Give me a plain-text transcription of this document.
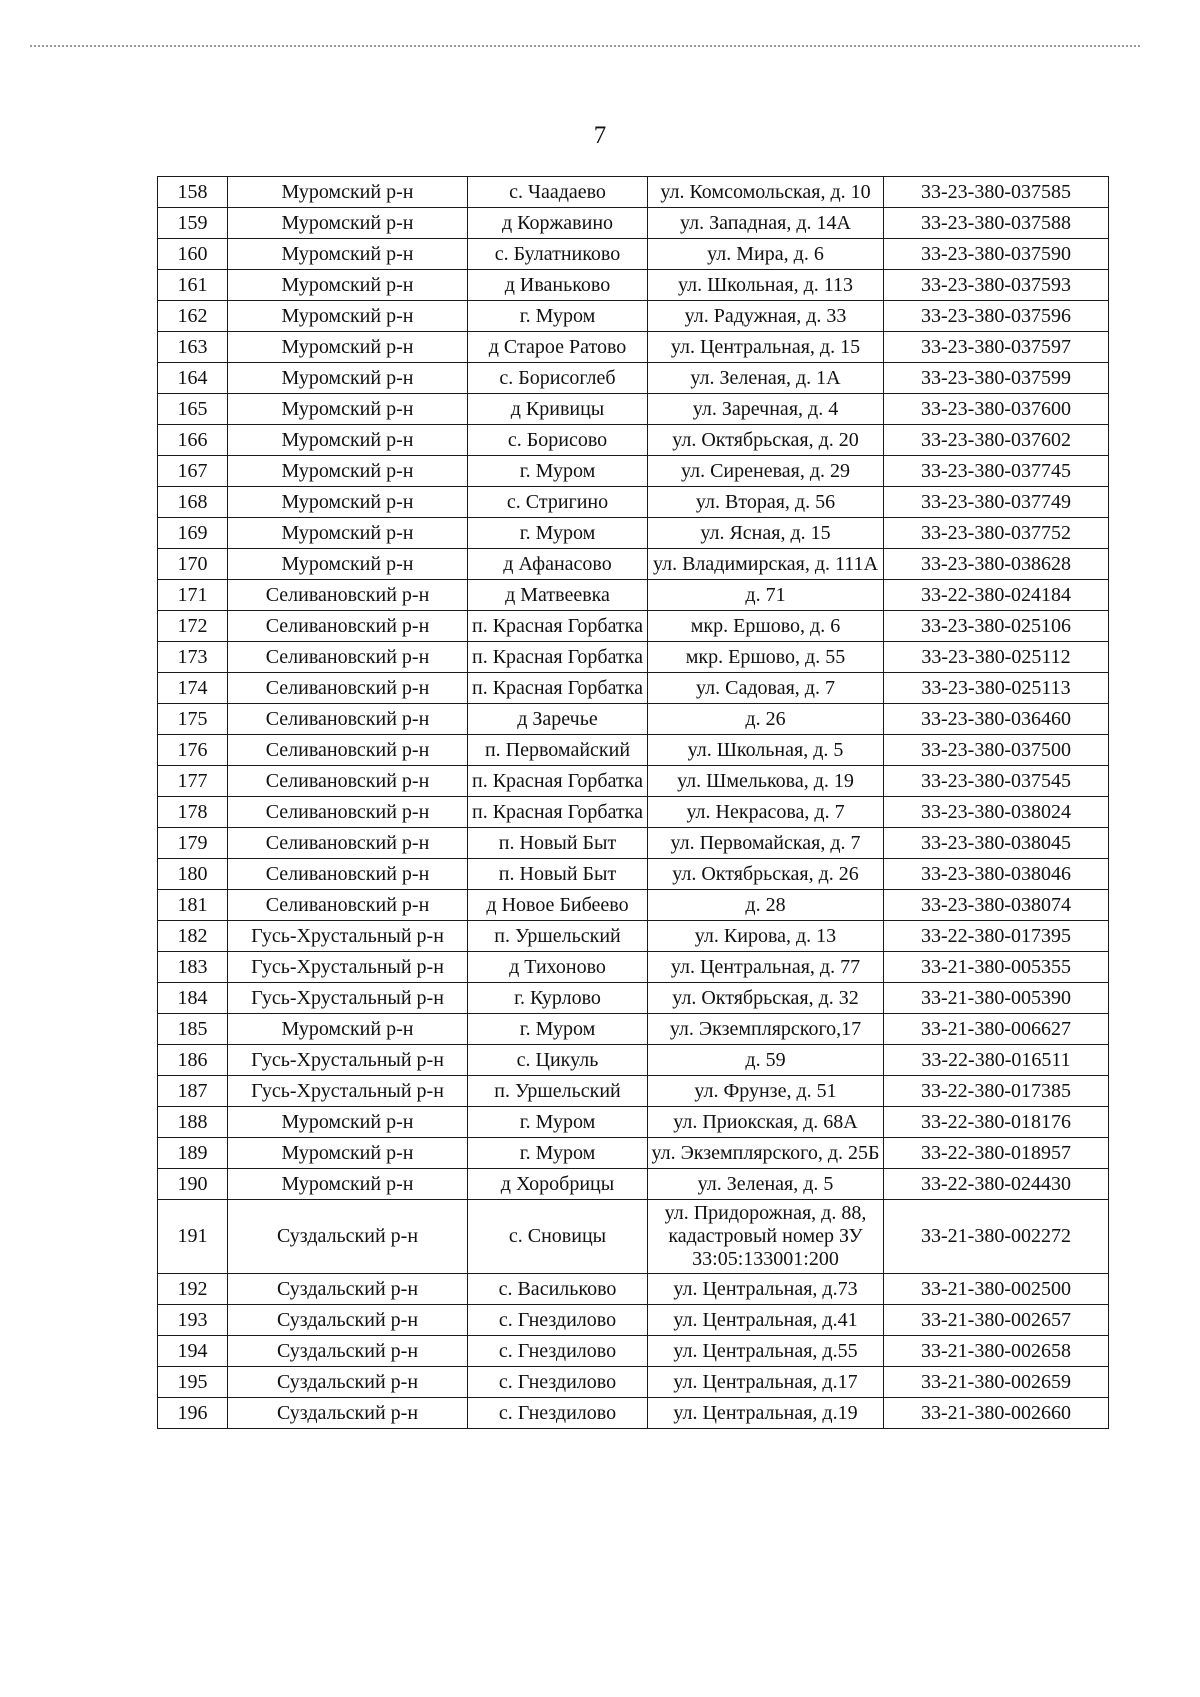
7
158	Муромский р-н	с. Чаадаево	ул. Комсомольская, д. 10	33-23-380-037585
159	Муромский р-н	д Коржавино	ул. Западная, д. 14А	33-23-380-037588
160	Муромский р-н	с. Булатниково	ул. Мира, д. 6	33-23-380-037590
161	Муромский р-н	д Иваньково	ул. Школьная, д. 113	33-23-380-037593
162	Муромский р-н	г. Муром	ул. Радужная, д. 33	33-23-380-037596
163	Муромский р-н	д Старое Ратово	ул. Центральная, д. 15	33-23-380-037597
164	Муромский р-н	с. Борисоглеб	ул. Зеленая, д. 1А	33-23-380-037599
165	Муромский р-н	д Кривицы	ул. Заречная, д. 4	33-23-380-037600
166	Муромский р-н	с. Борисово	ул. Октябрьская, д. 20	33-23-380-037602
167	Муромский р-н	г. Муром	ул. Сиреневая, д. 29	33-23-380-037745
168	Муромский р-н	с. Стригино	ул. Вторая, д. 56	33-23-380-037749
169	Муромский р-н	г. Муром	ул. Ясная, д. 15	33-23-380-037752
170	Муромский р-н	д Афанасово	ул. Владимирская, д. 111А	33-23-380-038628
171	Селивановский р-н	д Матвеевка	д. 71	33-22-380-024184
172	Селивановский р-н	п. Красная Горбатка	мкр. Ершово, д. 6	33-23-380-025106
173	Селивановский р-н	п. Красная Горбатка	мкр. Ершово, д. 55	33-23-380-025112
174	Селивановский р-н	п. Красная Горбатка	ул. Садовая, д. 7	33-23-380-025113
175	Селивановский р-н	д Заречье	д. 26	33-23-380-036460
176	Селивановский р-н	п. Первомайский	ул. Школьная, д. 5	33-23-380-037500
177	Селивановский р-н	п. Красная Горбатка	ул. Шмелькова, д. 19	33-23-380-037545
178	Селивановский р-н	п. Красная Горбатка	ул. Некрасова, д. 7	33-23-380-038024
179	Селивановский р-н	п. Новый Быт	ул. Первомайская, д. 7	33-23-380-038045
180	Селивановский р-н	п. Новый Быт	ул. Октябрьская, д. 26	33-23-380-038046
181	Селивановский р-н	д Новое Бибеево	д. 28	33-23-380-038074
182	Гусь-Хрустальный р-н	п. Уршельский	ул. Кирова, д. 13	33-22-380-017395
183	Гусь-Хрустальный р-н	д Тихоново	ул. Центральная, д. 77	33-21-380-005355
184	Гусь-Хрустальный р-н	г. Курлово	ул. Октябрьская, д. 32	33-21-380-005390
185	Муромский р-н	г. Муром	ул. Экземплярского,17	33-21-380-006627
186	Гусь-Хрустальный р-н	с. Цикуль	д. 59	33-22-380-016511
187	Гусь-Хрустальный р-н	п. Уршельский	ул. Фрунзе, д. 51	33-22-380-017385
188	Муромский р-н	г. Муром	ул. Приокская, д. 68А	33-22-380-018176
189	Муромский р-н	г. Муром	ул. Экземплярского, д. 25Б	33-22-380-018957
190	Муромский р-н	д Хоробрицы	ул. Зеленая, д. 5	33-22-380-024430
191	Суздальский р-н	с. Сновицы	ул. Придорожная, д. 88, кадастровый номер ЗУ 33:05:133001:200	33-21-380-002272
192	Суздальский р-н	с. Васильково	ул. Центральная, д.73	33-21-380-002500
193	Суздальский р-н	с. Гнездилово	ул. Центральная, д.41	33-21-380-002657
194	Суздальский р-н	с. Гнездилово	ул. Центральная, д.55	33-21-380-002658
195	Суздальский р-н	с. Гнездилово	ул. Центральная, д.17	33-21-380-002659
196	Суздальский р-н	с. Гнездилово	ул. Центральная, д.19	33-21-380-002660
